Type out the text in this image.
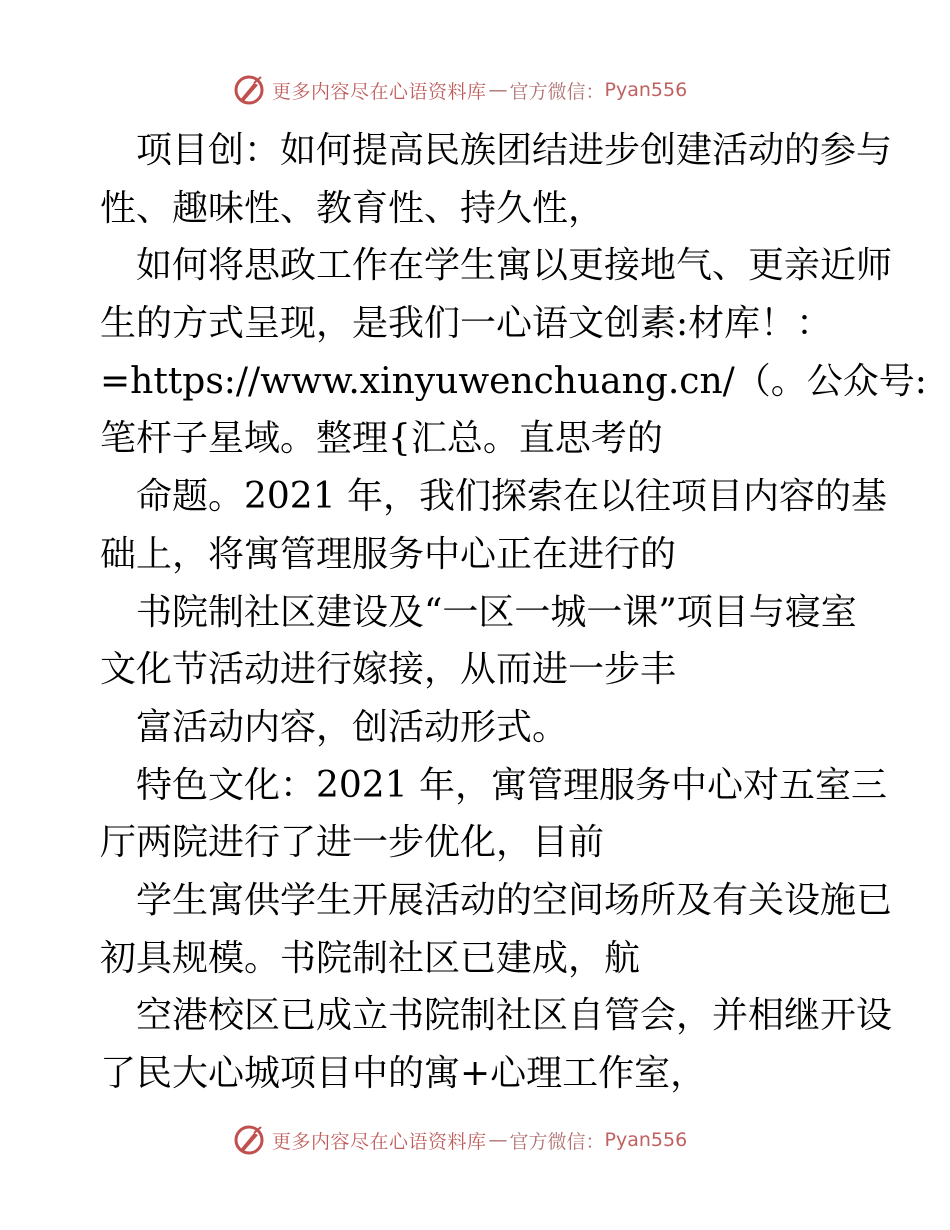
更多内容尽在心语资料库 — 官方微信： Pyan556
项目创：如何提高民族团结进步创建活动的参与
性、趣味性、教育性、持久性，
如何将思政工作在学生寓以更接地气、更亲近师
生的方式呈现，是我们一心语文创素:材库！：
=https://www.xinyuwenchuang.cn/（。公众号:
笔杆子星域。整理{汇总。直思考的
命题。2021 年，我们探索在以往项目内容的基
础上，将寓管理服务中心正在进行的
书院制社区建设及“一区一城一课”项目与寝室
文化节活动进行嫁接，从而进一步丰
富活动内容，创活动形式。
特色文化：2021 年，寓管理服务中心对五室三
厅两院进行了进一步优化，目前
学生寓供学生开展活动的空间场所及有关设施已
初具规模。书院制社区已建成，航
空港校区已成立书院制社区自管会，并相继开设
了民大心城项目中的寓+心理工作室，
更多内容尽在心语资料库 — 官方微信： Pyan556
